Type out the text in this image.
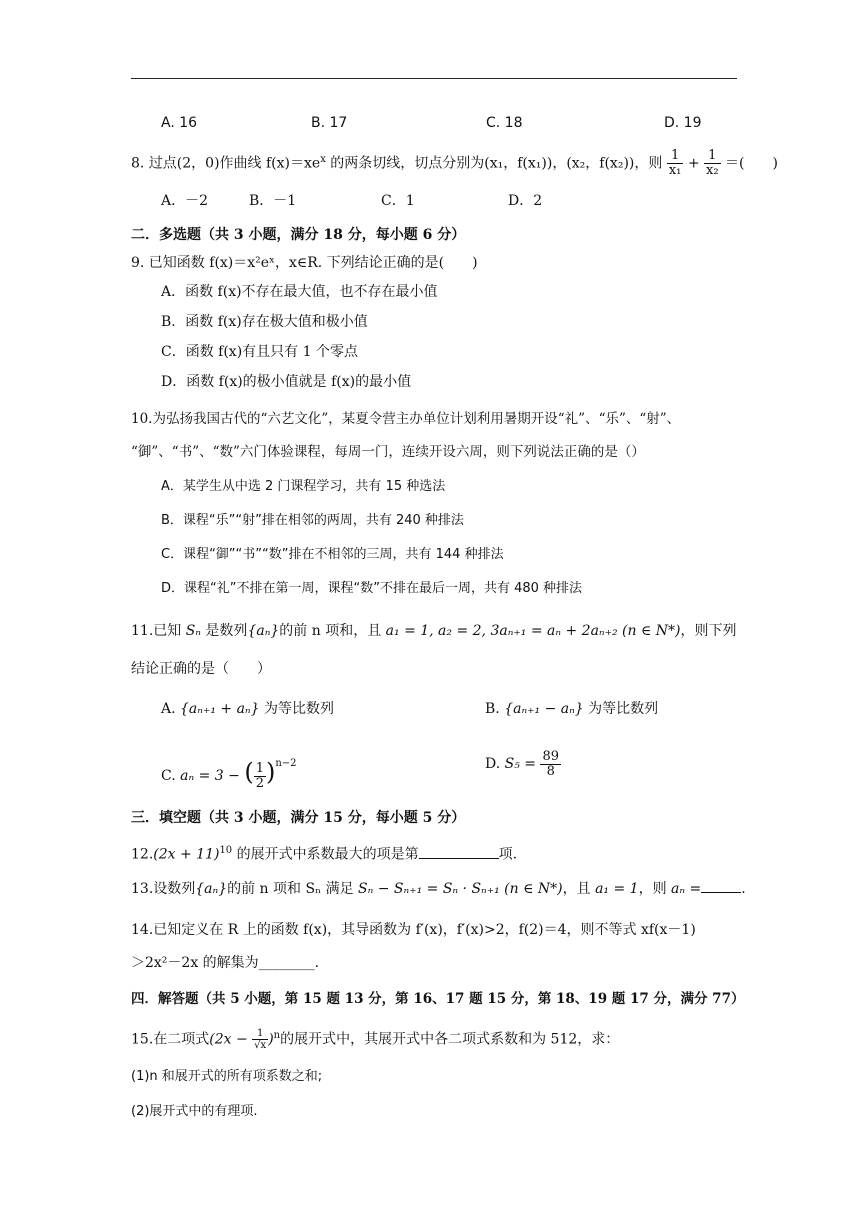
A. 16	B. 17	C. 18	D. 19
8. 过点(2，0)作曲线 $f(x)=xe^x$ 的两条切线，切点分别为(x₁，f(x₁))，(x₂，f(x₂))，则 $\frac{1}{\text{x₁}} + \frac{1}{\text{x₂}}$ ＝(　　)
A．－2	B．－1	C．1	D．2
二．多选题（共 3 小题，满分 18 分，每小题 6 分）
9. 已知函数 f(x)＝x²eˣ，x∈R. 下列结论正确的是(　　)
A．函数 f(x)不存在最大值，也不存在最小值
B．函数 f(x)存在极大值和极小值
C．函数 f(x)有且只有 1 个零点
D．函数 f(x)的极小值就是 f(x)的最小值
10.为弘扬我国古代的“六艺文化”，某夏令营主办单位计划利用暑期开设“礼”、“乐”、“射”、
“御”、“书”、“数”六门体验课程，每周一门，连续开设六周，则下列说法正确的是（）
A．某学生从中选 2 门课程学习，共有 15 种选法
B．课程“乐”“射”排在相邻的两周，共有 240 种排法
C．课程“御”“书”“数”排在不相邻的三周，共有 144 种排法
D．课程“礼”不排在第一周，课程“数”不排在最后一周，共有 480 种排法
11.已知 Sₙ 是数列{aₙ}的前 n 项和，且 a₁ = 1, a₂ = 2, 3aₙ₊₁ = aₙ + 2aₙ₊₂ (n ∈ N*)，则下列
结论正确的是（　　）
A. {aₙ₊₁ + aₙ} 为等比数列	B. {aₙ₊₁ − aₙ} 为等比数列
C. aₙ = 3 − ( $\frac{1}{2} )^{n-2}$	D. $S_5 = \frac{89}{8}$
三．填空题（共 3 小题，满分 15 分，每小题 5 分）
$12.(2x + 11)^{10}$ 的展开式中系数最大的项是第	项.
13.设数列{aₙ}的前 n 项和 Sₙ 满足 Sₙ − Sₙ₊₁ = Sₙ · Sₙ₊₁ (n ∈ N*)，且 a₁ = 1，则 aₙ =	.
14.已知定义在 R 上的函数 f(x)，其导函数为 f′(x)，f′(x)>2，f(2)＝4，则不等式 xf(x－1)
＞2x²－2x 的解集为________.
四．解答题（共 5 小题，第 15 题 13 分，第 16、17 题 15 分，第 18、19 题 17 分，满分 77）
15.在二项式$(2x - \frac{1}{√x} )^n$的展开式中，其展开式中各二项式系数和为 512，求：
(1)n 和展开式的所有项系数之和;
(2)展开式中的有理项.
